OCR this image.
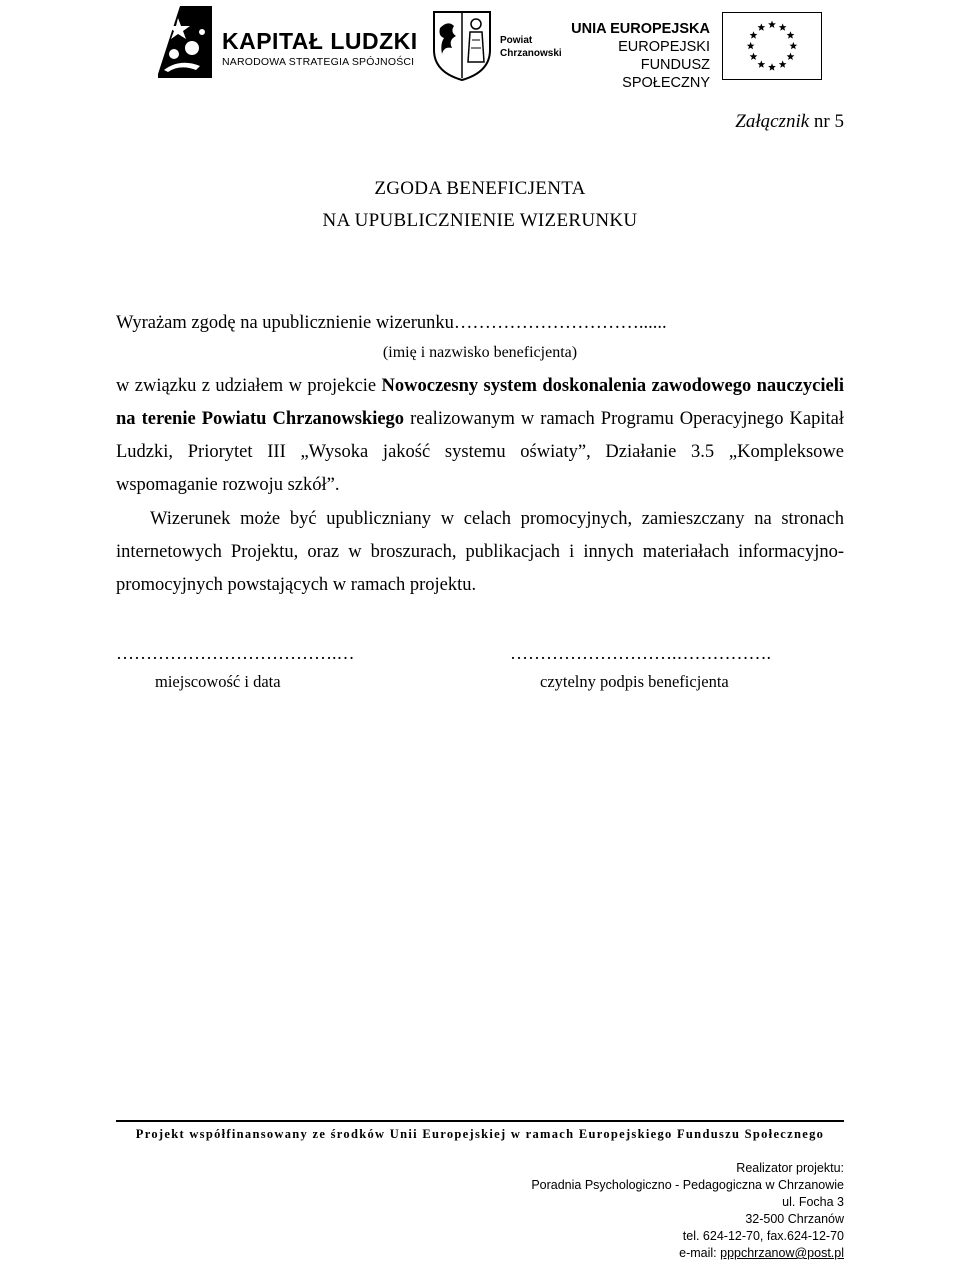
KAPITAŁ LUDZKI
NARODOWA STRATEGIA SPÓJNOŚCI
Powiat
Chrzanowski
UNIA EUROPEJSKA
EUROPEJSKI
FUNDUSZ SPOŁECZNY
Załącznik nr 5
ZGODA BENEFICJENTA
NA UPUBLICZNIENIE WIZERUNKU
Wyrażam zgodę na upublicznienie wizerunku…………………………......
(imię i nazwisko beneficjenta)
w związku z udziałem w projekcie Nowoczesny system doskonalenia zawodowego nauczycieli na terenie Powiatu Chrzanowskiego realizowanym w ramach Programu Operacyjnego Kapitał Ludzki, Priorytet III „Wysoka jakość systemu oświaty”, Działanie 3.5 „Kompleksowe wspomaganie rozwoju szkół”.
Wizerunek może być upubliczniany w celach promocyjnych, zamieszczany na stronach internetowych Projektu, oraz w broszurach, publikacjach i innych materiałach informacyjno-promocyjnych powstających w ramach projektu.
……………………………….…	……………………….…………….
miejscowość i data	czytelny podpis beneficjenta
Projekt współfinansowany ze środków Unii Europejskiej w ramach Europejskiego Funduszu Społecznego
Realizator projektu:
Poradnia Psychologiczno - Pedagogiczna w Chrzanowie
ul. Focha 3
32-500 Chrzanów
tel. 624-12-70, fax.624-12-70
e-mail: pppchrzanow@post.pl
